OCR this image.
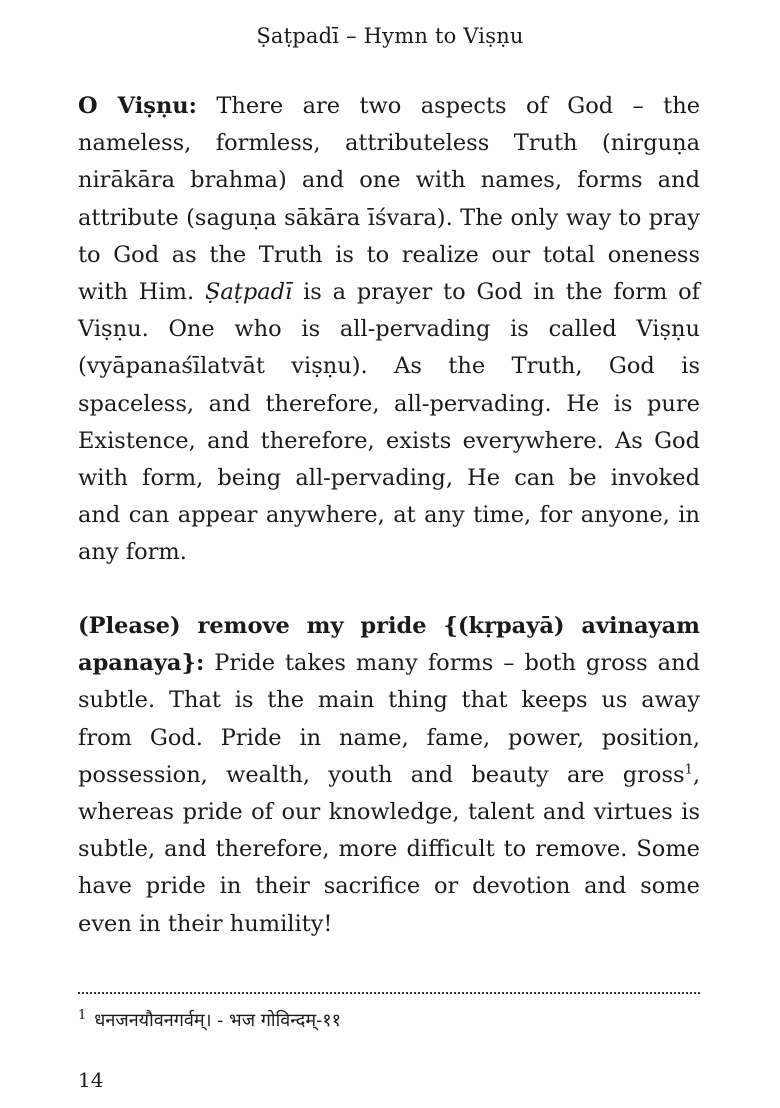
Ṣaṭpadī – Hymn to Viṣṇu

O Viṣṇu: There are two aspects of God – the nameless, formless, attributeless Truth (nirguṇa nirākāra brahma) and one with names, forms and attribute (saguṇa sākāra īśvara). The only way to pray to God as the Truth is to realize our total oneness with Him. Ṣaṭpadī is a prayer to God in the form of Viṣṇu. One who is all-pervading is called Viṣṇu (vyāpanaśīlatvāt viṣṇu). As the Truth, God is spaceless, and therefore, all-pervading. He is pure Existence, and therefore, exists everywhere. As God with form, being all-pervading, He can be invoked and can appear anywhere, at any time, for anyone, in any form.

(Please) remove my pride {(kṛpayā) avinayam apanaya}: Pride takes many forms – both gross and subtle. That is the main thing that keeps us away from God. Pride in name, fame, power, position, possession, wealth, youth and beauty are gross$^1$, whereas pride of our knowledge, talent and virtues is subtle, and therefore, more difficult to remove. Some have pride in their sacrifice or devotion and some even in their humility!

$^1$ धनजनयौवनगर्वम्। - भज गोविन्दम्-११
14
